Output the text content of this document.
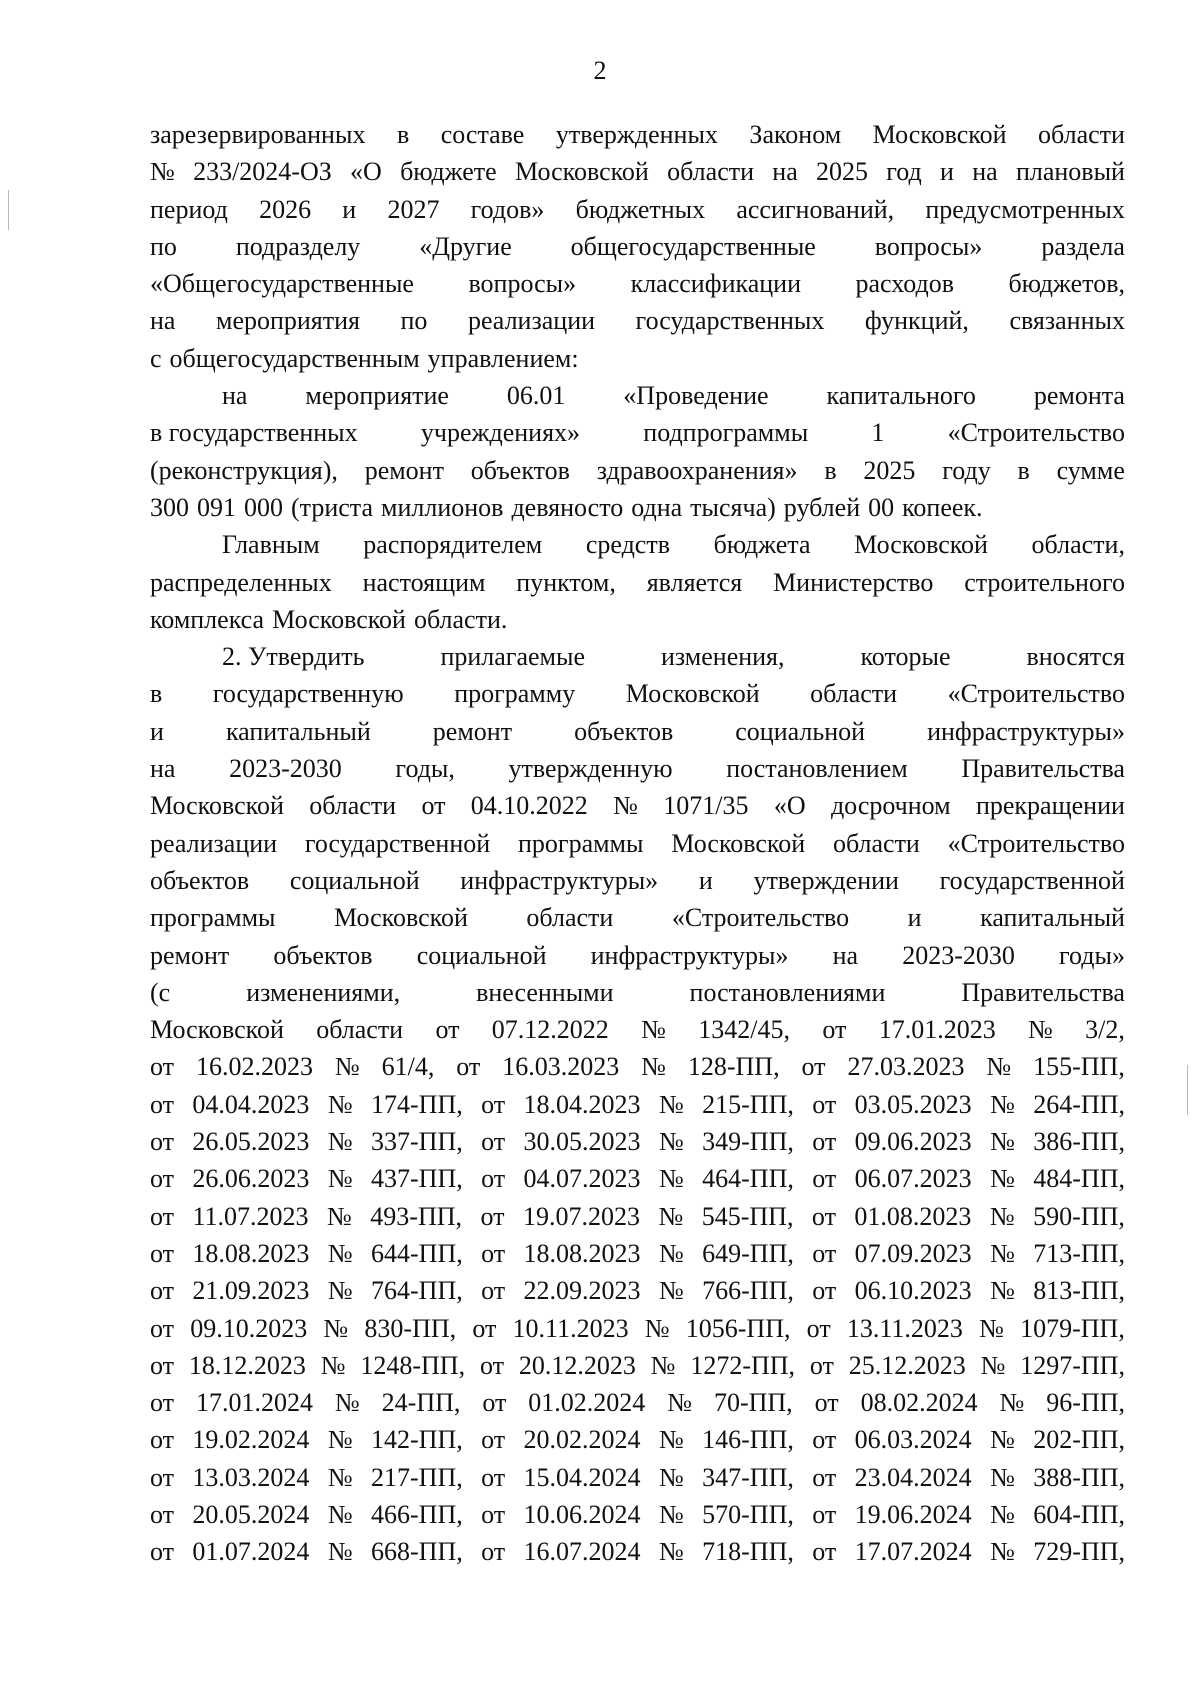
2
зарезервированных в составе утвержденных Законом Московской области
№ 233/2024-ОЗ «О бюджете Московской области на 2025 год и на плановый
период 2026 и 2027 годов» бюджетных ассигнований, предусмотренных
по подразделу «Другие общегосударственные вопросы» раздела
«Общегосударственные вопросы» классификации расходов бюджетов,
на мероприятия по реализации государственных функций, связанных
с общегосударственным управлением:
на мероприятие 06.01 «Проведение капитального ремонта
в государственных учреждениях» подпрограммы 1 «Строительство
(реконструкция), ремонт объектов здравоохранения» в 2025 году в сумме
300 091 000 (триста миллионов девяносто одна тысяча) рублей 00 копеек.
Главным распорядителем средств бюджета Московской области,
распределенных настоящим пунктом, является Министерство строительного
комплекса Московской области.
2. Утвердить	прилагаемые	изменения,	которые	вносятся
в государственную программу Московской области «Строительство
и капитальный ремонт объектов социальной инфраструктуры»
на 2023-2030 годы, утвержденную постановлением Правительства
Московской области от 04.10.2022 № 1071/35 «О досрочном прекращении
реализации государственной программы Московской области «Строительство
объектов социальной инфраструктуры» и утверждении государственной
программы Московской области «Строительство и капитальный
ремонт объектов социальной инфраструктуры» на 2023-2030 годы»
(с	изменениями,	внесенными	постановлениями	Правительства
Московской области от 07.12.2022 № 1342/45, от 17.01.2023 № 3/2,
от 16.02.2023 № 61/4, от 16.03.2023 № 128-ПП, от 27.03.2023 № 155-ПП,
от 04.04.2023 № 174-ПП, от 18.04.2023 № 215-ПП, от 03.05.2023 № 264-ПП,
от 26.05.2023 № 337-ПП, от 30.05.2023 № 349-ПП, от 09.06.2023 № 386-ПП,
от 26.06.2023 № 437-ПП, от 04.07.2023 № 464-ПП, от 06.07.2023 № 484-ПП,
от 11.07.2023 № 493-ПП, от 19.07.2023 № 545-ПП, от 01.08.2023 № 590-ПП,
от 18.08.2023 № 644-ПП, от 18.08.2023 № 649-ПП, от 07.09.2023 № 713-ПП,
от 21.09.2023 № 764-ПП, от 22.09.2023 № 766-ПП, от 06.10.2023 № 813-ПП,
от 09.10.2023 № 830-ПП, от 10.11.2023 № 1056-ПП, от 13.11.2023 № 1079-ПП,
от 18.12.2023 № 1248-ПП, от 20.12.2023 № 1272-ПП, от 25.12.2023 № 1297-ПП,
от 17.01.2024 № 24-ПП, от 01.02.2024 № 70-ПП, от 08.02.2024 № 96-ПП,
от 19.02.2024 № 142-ПП, от 20.02.2024 № 146-ПП, от 06.03.2024 № 202-ПП,
от 13.03.2024 № 217-ПП, от 15.04.2024 № 347-ПП, от 23.04.2024 № 388-ПП,
от 20.05.2024 № 466-ПП, от 10.06.2024 № 570-ПП, от 19.06.2024 № 604-ПП,
от 01.07.2024 № 668-ПП, от 16.07.2024 № 718-ПП, от 17.07.2024 № 729-ПП,
